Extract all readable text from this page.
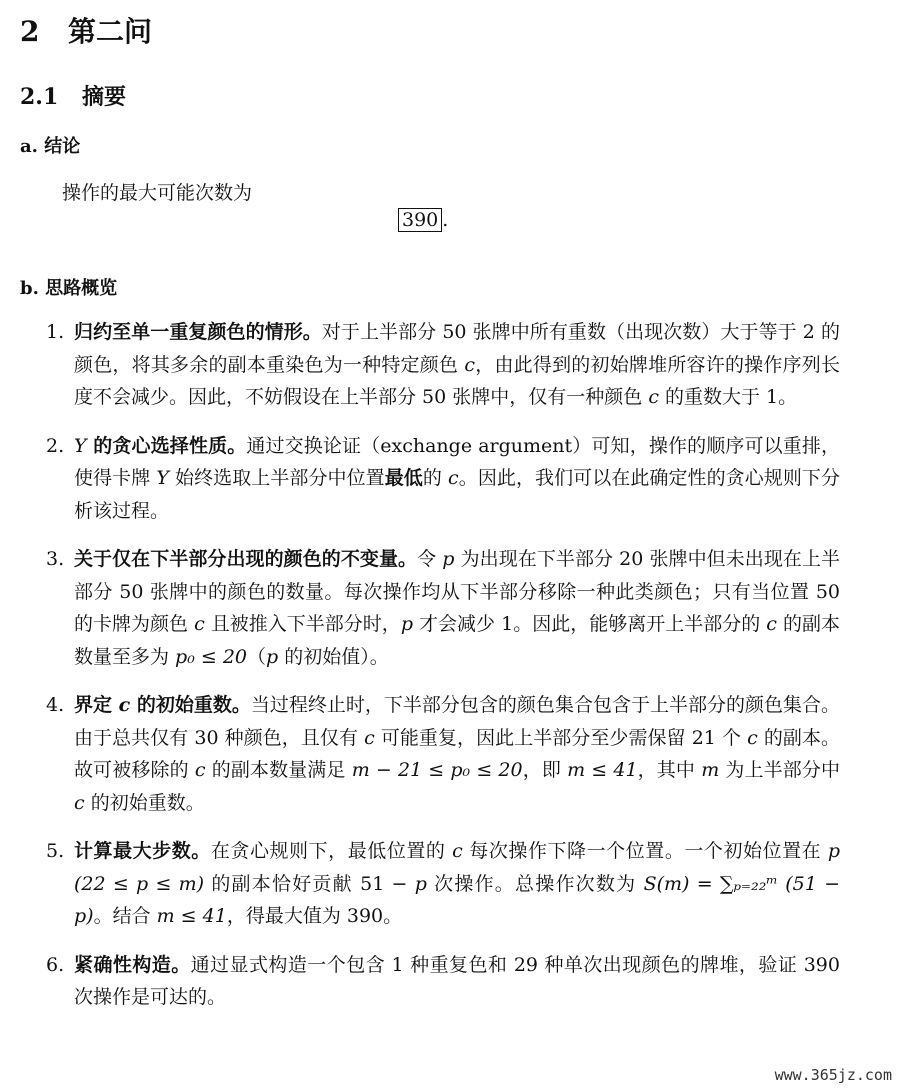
2 第二问
2.1 摘要
a. 结论
操作的最大可能次数为
390 .
b. 思路概览
1. 归约至单一重复颜色的情形。对于上半部分 50 张牌中所有重数（出现次数）大于等于 2 的颜色，将其多余的副本重染色为一种特定颜色 c，由此得到的初始牌堆所容许的操作序列长度不会减少。因此，不妨假设在上半部分 50 张牌中，仅有一种颜色 c 的重数大于 1。
2. Y 的贪心选择性质。通过交换论证（exchange argument）可知，操作的顺序可以重排，使得卡牌 Y 始终选取上半部分中位置最低的 c。因此，我们可以在此确定性的贪心规则下分析该过程。
3. 关于仅在下半部分出现的颜色的不变量。令 p 为出现在下半部分 20 张牌中但未出现在上半部分 50 张牌中的颜色的数量。每次操作均从下半部分移除一种此类颜色；只有当位置 50 的卡牌为颜色 c 且被推入下半部分时，p 才会减少 1。因此，能够离开上半部分的 c 的副本数量至多为 p₀ ≤ 20（p 的初始值）。
4. 界定 c 的初始重数。当过程终止时，下半部分包含的颜色集合包含于上半部分的颜色集合。由于总共仅有 30 种颜色，且仅有 c 可能重复，因此上半部分至少需保留 21 个 c 的副本。故可被移除的 c 的副本数量满足 m − 21 ≤ p₀ ≤ 20，即 m ≤ 41，其中 m 为上半部分中 c 的初始重数。
5. 计算最大步数。在贪心规则下，最低位置的 c 每次操作下降一个位置。一个初始位置在 p (22 ≤ p ≤ m) 的副本恰好贡献 51 − p 次操作。总操作次数为 S(m) = ∑ₚ₌₂₂ᵐ (51 − p)。结合 m ≤ 41，得最大值为 390。
6. 紧确性构造。通过显式构造一个包含 1 种重复色和 29 种单次出现颜色的牌堆，验证 390 次操作是可达的。
www.365jz.com
